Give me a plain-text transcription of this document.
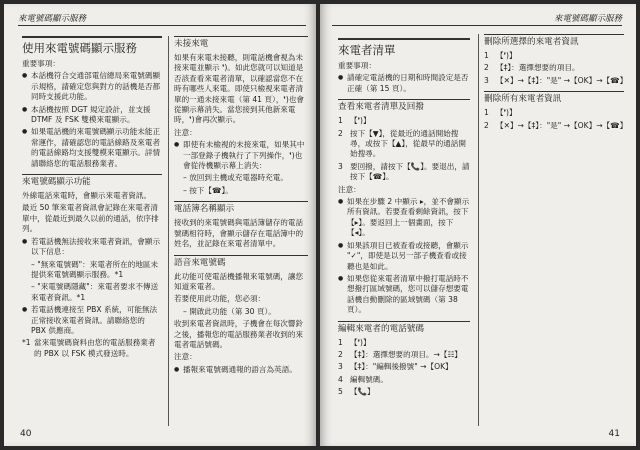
來電號碼顯示服務
使用來電號碼顯示服務
重要事項：
● 本話機符合交通部電信總局來電號碼顯示規格，請確定您與對方的話機是否都同時支援此功能。
● 本話機按照 DGT 規定設計，並支援 DTMF 及 FSK 雙模來電顯示。
● 如果電話機的來電號碼顯示功能未能正常運作，請確認您的電話線路及來電者的電話線路均支援雙模來電顯示。詳情請聯絡您的電話服務業者。
來電號碼顯示功能
外線電話來電時，會顯示來電者資訊。
最近 50 筆來電者資訊會記錄在來電者清單中，從最近到最久以前的通話，依序排列。
● 若電話機無法接收來電者資訊，會顯示以下信息：
– "無來電號碼"：來電者所在的地區未提供來電號碼顯示服務。*1
– "來電號碼隱藏"：來電者要求不傳送來電者資訊。*1
● 若電話機連接至 PBX 系統，可能無法正常接收來電者資訊。請聯絡您的 PBX 供應商。
*1 當來電號碼資料由您的電話服務業者的 PBX 以 FSK 模式發送時。
未接來電
如果有來電未接聽，則電話機會視為未接來電並顯示 ❜)。如此您就可以知道是否該查看來電者清單，以確認當您不在時有哪些人來電。即使只檢視來電者清單的一通未接來電（第 41 頁），❜)也會從顯示幕消失。當您接到其他新來電時，❜)會再次顯示。
注意：
● 即使有未檢視的未接來電，如果其中一部登錄子機執行了下列操作，❜)也會從待機顯示幕上消失：
– 放回到主機或充電器時充電。
– 按下【☎】。
電話簿名稱顯示
接收到的來電號碼與電話簿儲存的電話號碼相符時，會顯示儲存在電話簿中的姓名，並記錄在來電者清單中。
語音來電號碼
此功能可使電話機播報來電號碼，讓您知道來電者。
若要使用此功能，您必須：
– 開啟此功能（第 30 頁）。
收到來電者資訊時，子機會在每次響鈴之後，播報您的電話服務業者收到的來電者電話號碼。
注意：
● 播報來電號碼通報的語言為英語。
40
來電號碼顯示服務
來電者清單
重要事項：
● 請確定電話機的日期和時間設定是否正確（第 15 頁）。
查看來電者清單及回撥
1 【❜)】
2 按下【▼】，從最近的通話開始搜尋，或按下【▲】，從最早的通話開始搜尋。
3 要回撥，請按下【📞】。要退出，請按下【☎】。
注意：
● 如果在步驟 2 中顯示 ▸，並不會顯示所有資訊。若要查看剩餘資訊，按下【▸】。要返回上一個畫面，按下【◂】。
● 如果該項目已被查看或接聽，會顯示 "✓"，即使是以另一部子機查看或接聽也是如此。
● 如果您從來電者清單中撥打電話時不想撥打區域號碼，您可以儲存想要電話機自動刪除的區域號碼（第 38 頁）。
編輯來電者的電話號碼
1 【❜)】
2 【‡】：選擇想要的項目。→【☷】
3 【‡】："編輯後撥號" →【OK】
4 編輯號碼。
5 【📞】
刪除所選擇的來電者資訊
1 【❜)】
2 【‡】：選擇想要的項目。
3 【✕】→【‡】："是" →【OK】→【☎】
刪除所有來電者資訊
1 【❜)】
2 【✕】→【‡】："是" →【OK】→【☎】
41
